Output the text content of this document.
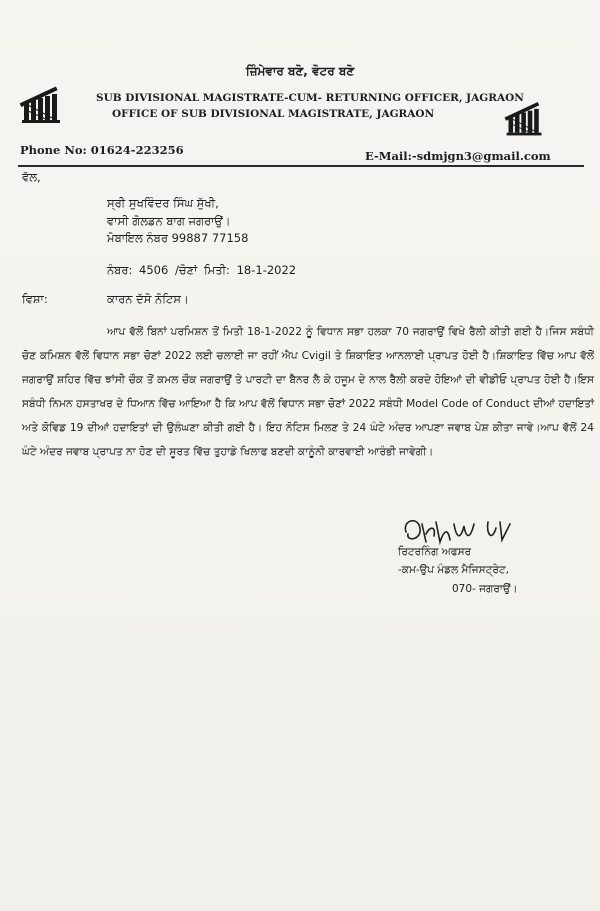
ਜ਼ਿੰਮੇਵਾਰ ਬਣੋ, ਵੋਟਰ ਬਣੋ
SUB DIVISIONAL MAGISTRATE-CUM- RETURNING OFFICER, JAGRAON
OFFICE OF SUB DIVISIONAL MAGISTRATE, JAGRAON
Phone No: 01624-223256	E-Mail:-sdmjgn3@gmail.com
ਵੱਲ,
ਸ੍ਰੀ ਸੁਖਵਿੰਦਰ ਸਿੰਘ ਸੁੱਖੀ,
ਵਾਸੀ ਗੋਲਡਨ ਬਾਗ ਜਗਰਾਉਂ।
ਮੋਬਾਇਲ ਨੰਬਰ 99887 77158
ਨੰਬਰ: 4506 /ਚੋਣਾਂ ਮਿਤੀ: 18-1-2022
ਵਿਸ਼ਾ:	ਕਾਰਨ ਦੱਸੋ ਨੋਟਿਸ।

ਆਪ ਵੱਲੋਂ ਬਿਨਾਂ ਪਰਮਿਸ਼ਨ ਤੋਂ ਮਿਤੀ 18-1-2022 ਨੂੰ ਵਿਧਾਨ ਸਭਾ ਹਲਕਾ 70 ਜਗਰਾਉਂ ਵਿਖੇ ਰੈਲੀ ਕੀਤੀ ਗਈ ਹੈ।ਜਿਸ ਸਬੰਧੀ ਚੋਣ ਕਮਿਸ਼ਨ ਵੱਲੋਂ ਵਿਧਾਨ ਸਭਾ ਚੋਣਾਂ 2022 ਲਈ ਚਲਾਈ ਜਾ ਰਹੀਂ ਐਪ Cvigil ਤੇ ਸ਼ਿਕਾਇਤ ਆਨਲਾਈ ਪ੍ਰਾਪਤ ਹੋਈ ਹੈ।ਸ਼ਿਕਾਇਤ ਵਿੱਚ ਆਪ ਵੱਲੋਂ ਜਗਰਾਉਂ ਸ਼ਹਿਰ ਵਿੱਚ ਝਾਂਸੀ ਚੌਕ ਤੋਂ ਕਮਲ ਚੌਕ ਜਗਰਾਉਂ ਤੇ ਪਾਰਟੀ ਦਾ ਬੈਨਰ ਲੈ ਕੇ ਹਜੂਮ ਦੇ ਨਾਲ ਰੈਲੀ ਕਰਦੇ ਹੋਇਆਂ ਦੀ ਵੀਡੀਓ ਪ੍ਰਾਪਤ ਹੋਈ ਹੈ।ਇਸ ਸਬੰਧੀ ਨਿਮਨ ਹਸਤਾਖਰ ਦੇ ਧਿਆਨ ਵਿੱਚ ਆਇਆ ਹੈ ਕਿ ਆਪ ਵੱਲੋਂ ਵਿਧਾਨ ਸਭਾ ਚੋਣਾਂ 2022 ਸਬੰਧੀ Model Code of Conduct ਦੀਆਂ ਹਦਾਇਤਾਂ ਅਤੇ ਕੋਵਿਡ 19 ਦੀਆਂ ਹਦਾਇਤਾਂ ਦੀ ਉਲੰਘਣਾ ਕੀਤੀ ਗਈ ਹੈ। ਇਹ ਨੋਟਿਸ ਮਿਲਣ ਤੇ 24 ਘੰਟੇ ਅੰਦਰ ਆਪਣਾ ਜਵਾਬ ਪੇਸ਼ ਕੀਤਾ ਜਾਵੇ।ਆਪ ਵੱਲੋਂ 24 ਘੰਟੇ ਅੰਦਰ ਜਵਾਬ ਪ੍ਰਾਪਤ ਨਾ ਹੋਣ ਦੀ ਸੂਰਤ ਵਿੱਚ ਤੁਹਾਡੇ ਖਿਲਾਫ ਬਣਦੀ ਕਾਨੂੰਨੀ ਕਾਰਵਾਈ ਆਰੰਭੀ ਜਾਵੇਗੀ।

ਰਿਟਰਨਿੰਗ ਅਫਸਰ
-ਕਮ-ਉਪ ਮੰਡਲ ਮੈਜਿਸਟ੍ਰੇਟ,
070- ਜਗਰਾਉਂ।
